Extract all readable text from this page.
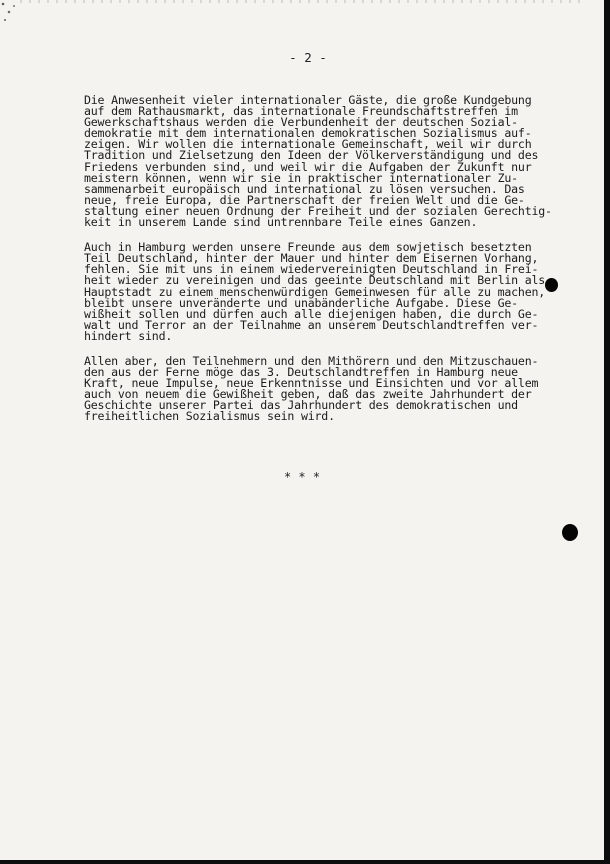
- 2 -
Die Anwesenheit vieler internationaler Gäste, die große Kundgebung
auf dem Rathausmarkt, das internationale Freundschaftstreffen im
Gewerkschaftshaus werden die Verbundenheit der deutschen Sozial-
demokratie mit dem internationalen demokratischen Sozialismus auf-
zeigen. Wir wollen die internationale Gemeinschaft, weil wir durch
Tradition und Zielsetzung den Ideen der Völkerverständigung und des
Friedens verbunden sind, und weil wir die Aufgaben der Zukunft nur
meistern können, wenn wir sie in praktischer internationaler Zu-
sammenarbeit europäisch und international zu lösen versuchen. Das
neue, freie Europa, die Partnerschaft der freien Welt und die Ge-
staltung einer neuen Ordnung der Freiheit und der sozialen Gerechtig-
keit in unserem Lande sind untrennbare Teile eines Ganzen.
Auch in Hamburg werden unsere Freunde aus dem sowjetisch besetzten
Teil Deutschland, hinter der Mauer und hinter dem Eisernen Vorhang,
fehlen. Sie mit uns in einem wiedervereinigten Deutschland in Frei-
heit wieder zu vereinigen und das geeinte Deutschland mit Berlin als
Hauptstadt zu einem menschenwürdigen Gemeinwesen für alle zu machen,
bleibt unsere unveränderte und unabänderliche Aufgabe. Diese Ge-
wißheit sollen und dürfen auch alle diejenigen haben, die durch Ge-
walt und Terror an der Teilnahme an unserem Deutschlandtreffen ver-
hindert sind.
Allen aber, den Teilnehmern und den Mithörern und den Mitzuschauen-
den aus der Ferne möge das 3. Deutschlandtreffen in Hamburg neue
Kraft, neue Impulse, neue Erkenntnisse und Einsichten und vor allem
auch von neuem die Gewißheit geben, daß das zweite Jahrhundert der
Geschichte unserer Partei das Jahrhundert des demokratischen und
freiheitlichen Sozialismus sein wird.
* * *
